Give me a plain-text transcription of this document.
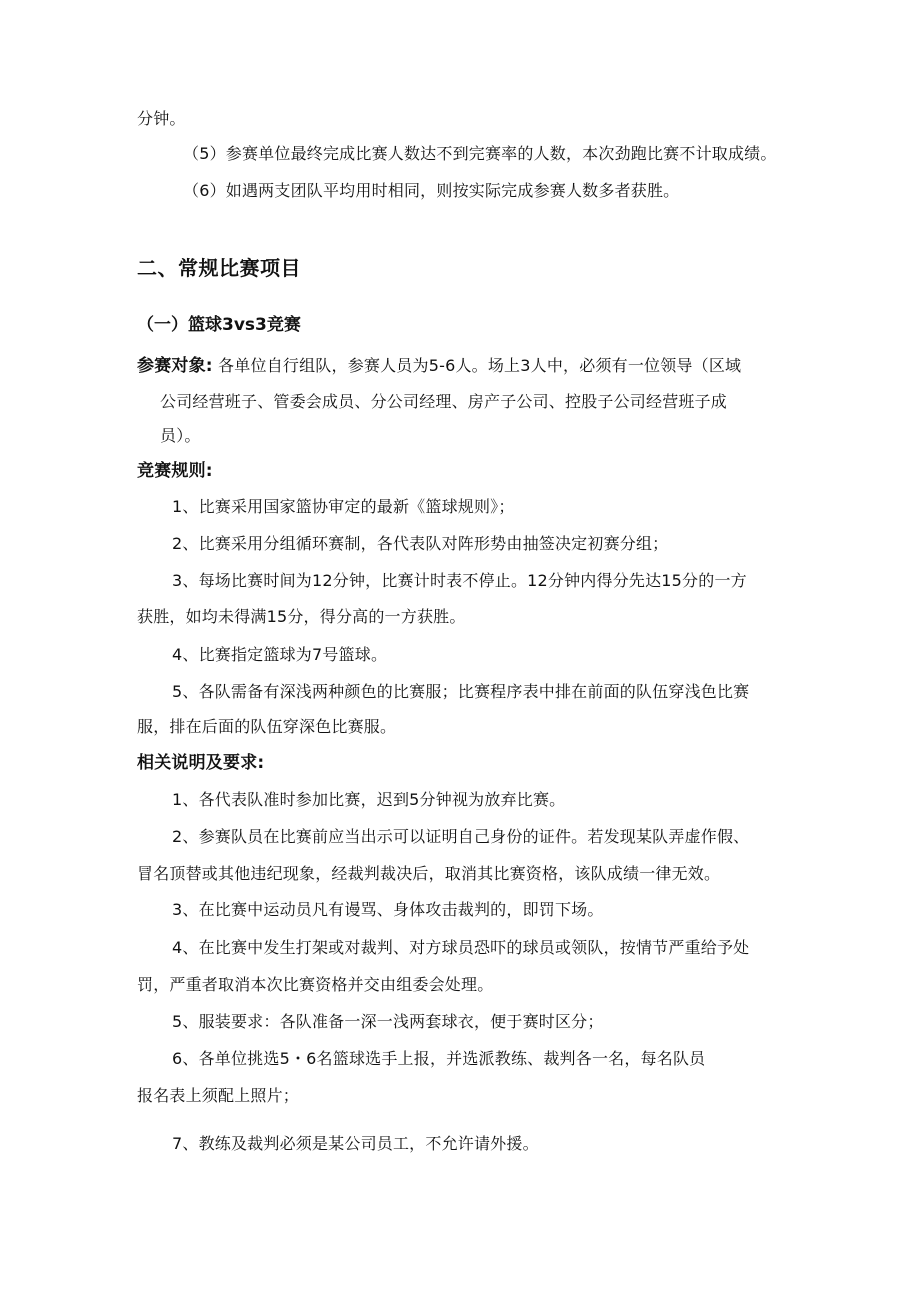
分钟。
（5）参赛单位最终完成比赛人数达不到完赛率的人数，本次劲跑比赛不计取成绩。
（6）如遇两支团队平均用时相同，则按实际完成参赛人数多者获胜。
二、常规比赛项目
（一）篮球3vs3竞赛
参赛对象: 各单位自行组队，参赛人员为5-6人。场上3人中，必须有一位领导（区域
公司经营班子、管委会成员、分公司经理、房产子公司、控股子公司经营班子成
员）。
竞赛规则:
1、比赛采用国家篮协审定的最新《篮球规则》；
2、比赛采用分组循环赛制，各代表队对阵形势由抽签决定初赛分组；
3、每场比赛时间为12分钟，比赛计时表不停止。12分钟内得分先达15分的一方
获胜，如均未得满15分，得分高的一方获胜。
4、比赛指定篮球为7号篮球。
5、各队需备有深浅两种颜色的比赛服；比赛程序表中排在前面的队伍穿浅色比赛
服，排在后面的队伍穿深色比赛服。
相关说明及要求:
1、各代表队准时参加比赛，迟到5分钟视为放弃比赛。
2、参赛队员在比赛前应当出示可以证明自己身份的证件。若发现某队弄虚作假、
冒名顶替或其他违纪现象，经裁判裁决后，取消其比赛资格，该队成绩一律无效。
3、在比赛中运动员凡有谩骂、身体攻击裁判的，即罚下场。
4、在比赛中发生打架或对裁判、对方球员恐吓的球员或领队，按情节严重给予处
罚，严重者取消本次比赛资格并交由组委会处理。
5、服装要求：各队准备一深一浅两套球衣，便于赛时区分；
6、各单位挑选5・6名篮球选手上报，并选派教练、裁判各一名，每名队员
报名表上须配上照片；
7、教练及裁判必须是某公司员工，不允许请外援。
